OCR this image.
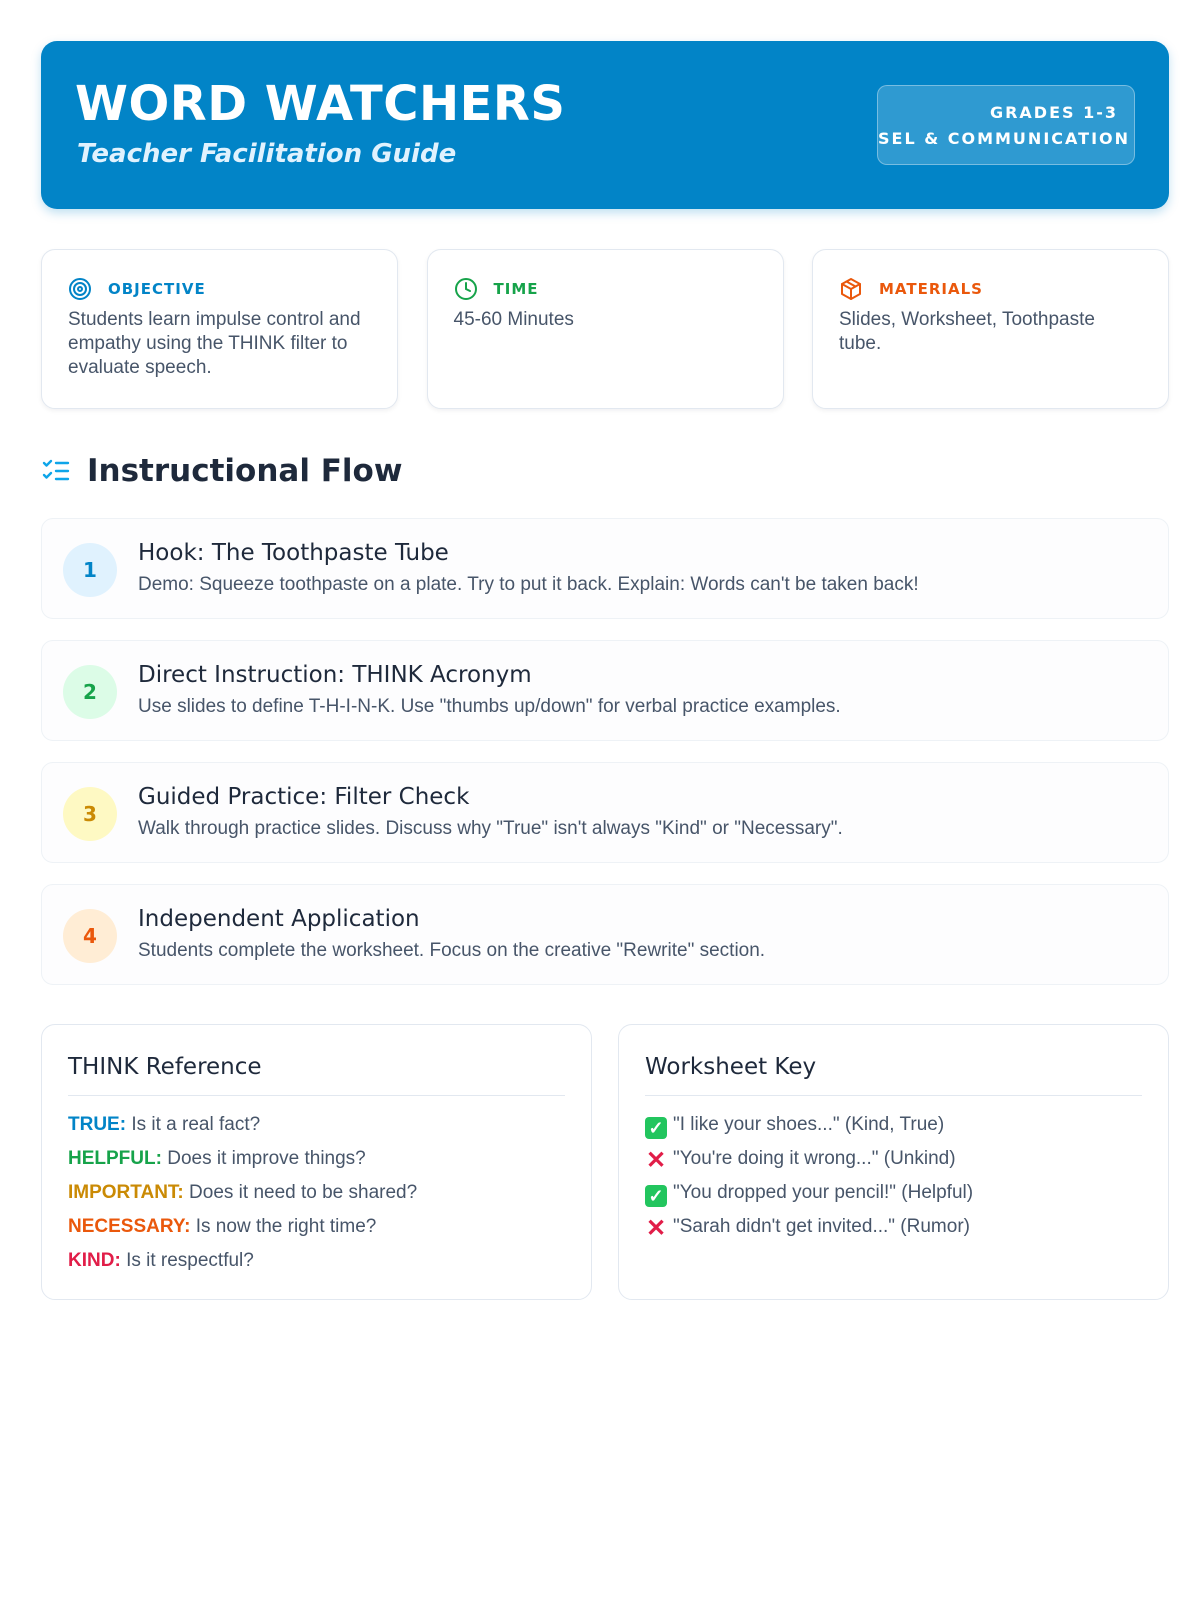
WORD WATCHERS
Teacher Facilitation Guide
GRADES 1-3
SEL & COMMUNICATION
OBJECTIVE
Students learn impulse control and empathy using the THINK filter to evaluate speech.
TIME
45-60 Minutes
MATERIALS
Slides, Worksheet, Toothpaste tube.
Instructional Flow
1
Hook: The Toothpaste Tube
Demo: Squeeze toothpaste on a plate. Try to put it back. Explain: Words can't be taken back!
2
Direct Instruction: THINK Acronym
Use slides to define T-H-I-N-K. Use "thumbs up/down" for verbal practice examples.
3
Guided Practice: Filter Check
Walk through practice slides. Discuss why "True" isn't always "Kind" or "Necessary".
4
Independent Application
Students complete the worksheet. Focus on the creative "Rewrite" section.
THINK Reference
TRUE: Is it a real fact?
HELPFUL: Does it improve things?
IMPORTANT: Does it need to be shared?
NECESSARY: Is now the right time?
KIND: Is it respectful?
Worksheet Key
✓ "I like your shoes..." (Kind, True)
✕ "You're doing it wrong..." (Unkind)
✓ "You dropped your pencil!" (Helpful)
✕ "Sarah didn't get invited..." (Rumor)
